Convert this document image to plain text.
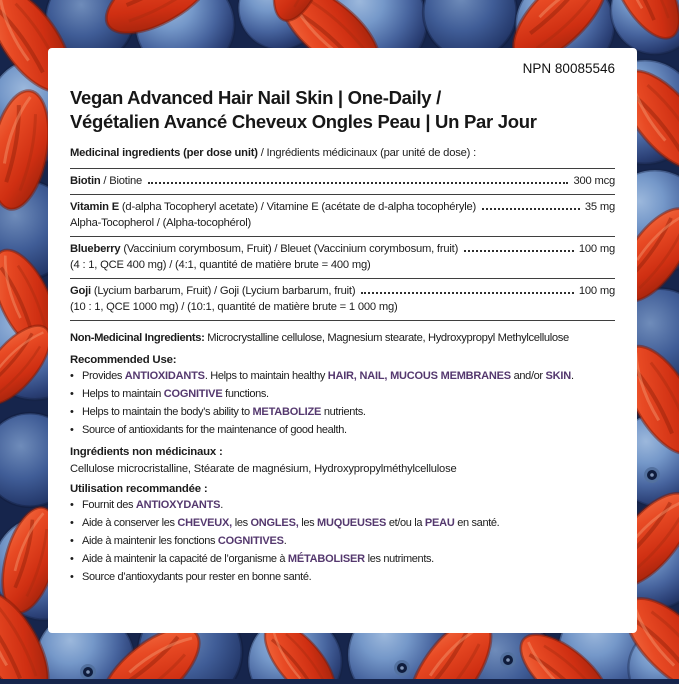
NPN 80085546
Vegan Advanced Hair Nail Skin | One-Daily /
Végétalien Avancé Cheveux Ongles Peau | Un Par Jour
Medicinal ingredients (per dose unit) / Ingrédients médicinaux (par unité de dose) :
Biotin / Biotine	300 mcg
Vitamin E (d-alpha Tocopheryl acetate) / Vitamine E (acétate de d-alpha tocophéryle)	35 mg
Alpha-Tocopherol / (Alpha-tocophérol)
Blueberry (Vaccinium corymbosum, Fruit) / Bleuet (Vaccinium corymbosum, fruit)	100 mg
(4 : 1, QCE 400 mg) / (4:1, quantité de matière brute = 400 mg)
Goji (Lycium barbarum, Fruit) / Goji (Lycium barbarum, fruit)	100 mg
(10 : 1, QCE 1000 mg) / (10:1, quantité de matière brute = 1 000 mg)
Non-Medicinal Ingredients: Microcrystalline cellulose, Magnesium stearate, Hydroxypropyl Methylcellulose
Recommended Use:
• Provides ANTIOXIDANTS. Helps to maintain healthy HAIR, NAIL, MUCOUS MEMBRANES and/or SKIN.
• Helps to maintain COGNITIVE functions.
• Helps to maintain the body’s ability to METABOLIZE nutrients.
• Source of antioxidants for the maintenance of good health.
Ingrédients non médicinaux :
Cellulose microcristalline, Stéarate de magnésium, Hydroxypropylméthylcellulose
Utilisation recommandée :
• Fournit des ANTIOXYDANTS.
• Aide à conserver les CHEVEUX, les ONGLES, les MUQUEUSES et/ou la PEAU en santé.
• Aide à maintenir les fonctions COGNITIVES.
• Aide à maintenir la capacité de l’organisme à MÉTABOLISER les nutriments.
• Source d’antioxydants pour rester en bonne santé.
